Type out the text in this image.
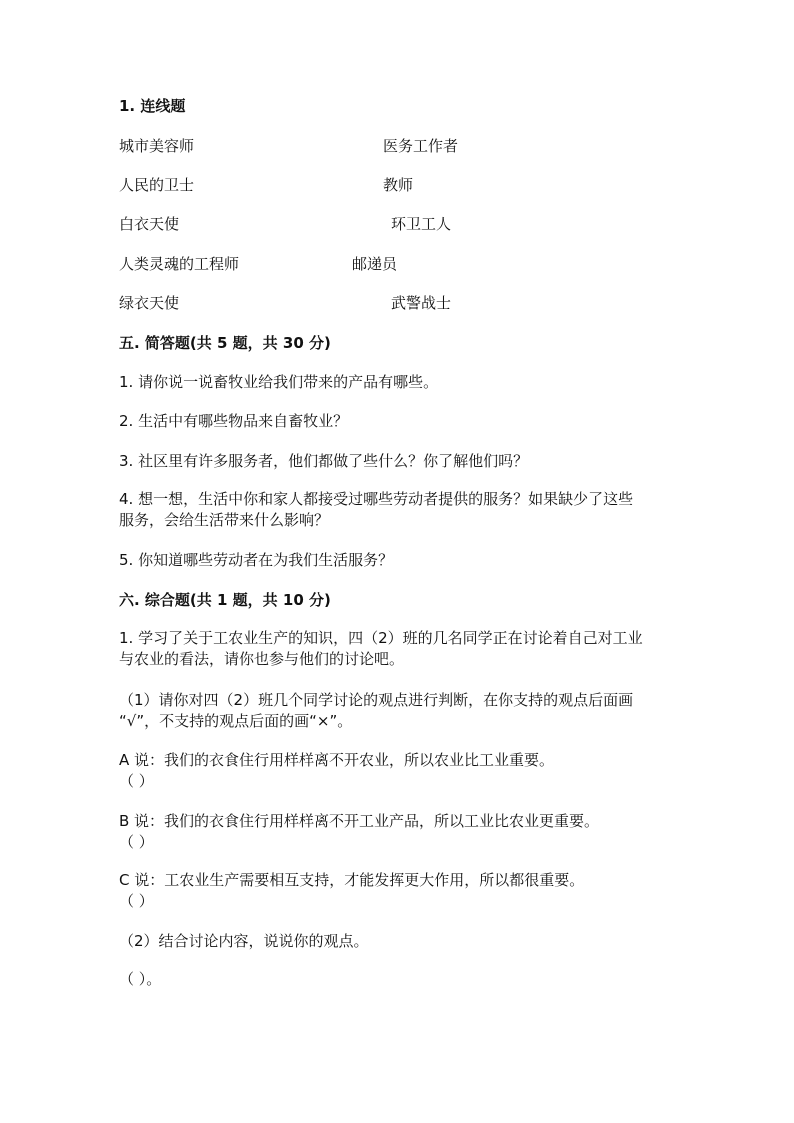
1. 连线题
城市美容师	医务工作者
人民的卫士	教师
白衣天使	环卫工人
人类灵魂的工程师	邮递员
绿衣天使	武警战士
五. 简答题(共 5 题，共 30 分)
1. 请你说一说畜牧业给我们带来的产品有哪些。
2. 生活中有哪些物品来自畜牧业？
3. 社区里有许多服务者，他们都做了些什么？你了解他们吗？

4. 想一想，生活中你和家人都接受过哪些劳动者提供的服务？如果缺少了这些

服务，会给生活带来什么影响？

5. 你知道哪些劳动者在为我们生活服务？
六. 综合题(共 1 题，共 10 分)

1. 学习了关于工农业生产的知识，四（2）班的几名同学正在讨论着自己对工业

与农业的看法，请你也参与他们的讨论吧。

（1）请你对四（2）班几个同学讨论的观点进行判断，在你支持的观点后面画

“√”，不支持的观点后面的画“×”。

A 说：我们的衣食住行用样样离不开农业，所以农业比工业重要。

（ ）

B 说：我们的衣食住行用样样离不开工业产品，所以工业比农业更重要。

（ ）

C 说：工农业生产需要相互支持，才能发挥更大作用，所以都很重要。

（ ）

（2）结合讨论内容，说说你的观点。
（ ）。
